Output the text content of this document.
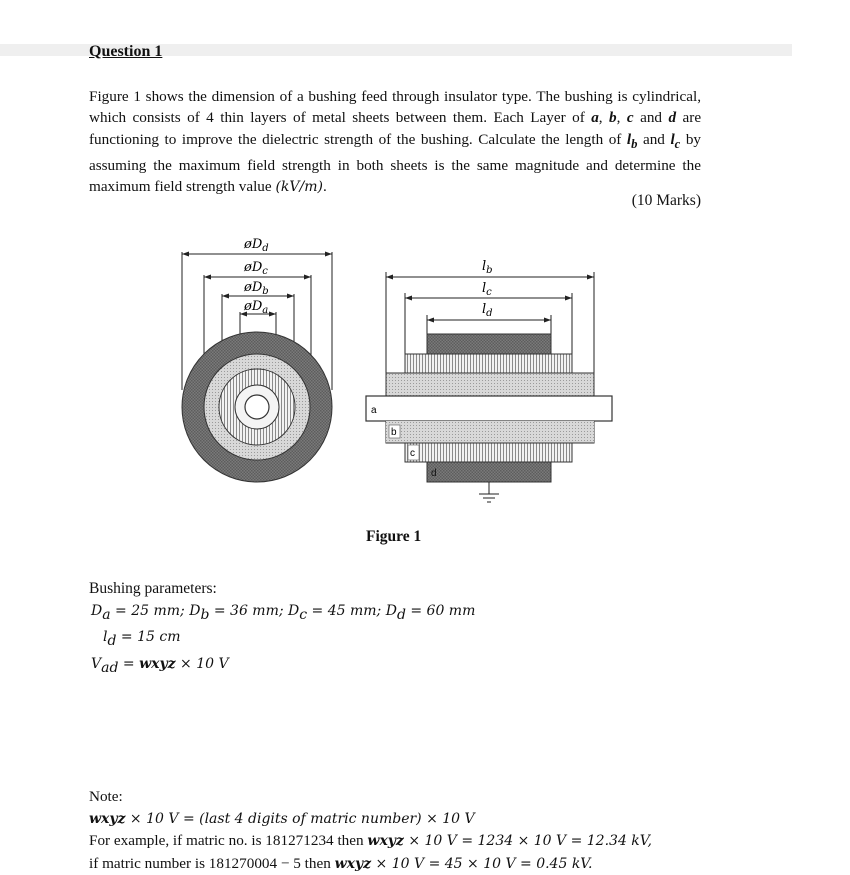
Question 1
Figure 1 shows the dimension of a bushing feed through insulator type. The bushing is cylindrical, which consists of 4 thin layers of metal sheets between them. Each Layer of a, b, c and d are functioning to improve the dielectric strength of the bushing. Calculate the length of $l_b$ and $l_c$ by assuming the maximum field strength in both sheets is the same magnitude and determine the maximum field strength value (kV/m).
(10 Marks)
$øD_d$
$øD_c$
$øD_b$
$øD_a$
$l_b$
$l_c$
$l_d$
a
b
c
d
Figure 1
Bushing parameters:
$D_a = 25$ mm; $D_b = 36$ mm; $D_c = 45$ mm; $D_d = 60$ mm
$l_d = 15$ cm
$V_{ad}$ = wxyz × 10 V
Note:
wxyz × 10 V = (last 4 digits of matric number) × 10 V
For example, if matric no. is 181271234 then wxyz × 10 V = 1234 × 10 V = 12.34 kV,
if matric number is 181270004 − 5 then wxyz × 10 V = 45 × 10 V = 0.45 kV.
